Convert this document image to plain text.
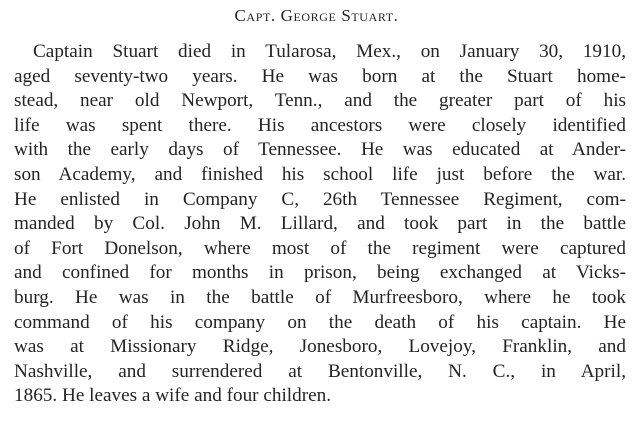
Capt. George Stuart.
Captain Stuart died in Tularosa, Mex., on January 30, 1910,
aged seventy-two years. He was born at the Stuart home-
stead, near old Newport, Tenn., and the greater part of his
life was spent there. His ancestors were closely identified
with the early days of Tennessee. He was educated at Ander-
son Academy, and finished his school life just before the war.
He enlisted in Company C, 26th Tennessee Regiment, com-
manded by Col. John M. Lillard, and took part in the battle
of Fort Donelson, where most of the regiment were captured
and confined for months in prison, being exchanged at Vicks-
burg. He was in the battle of Murfreesboro, where he took
command of his company on the death of his captain. He
was at Missionary Ridge, Jonesboro, Lovejoy, Franklin, and
Nashville, and surrendered at Bentonville, N. C., in April,
1865. He leaves a wife and four children.
